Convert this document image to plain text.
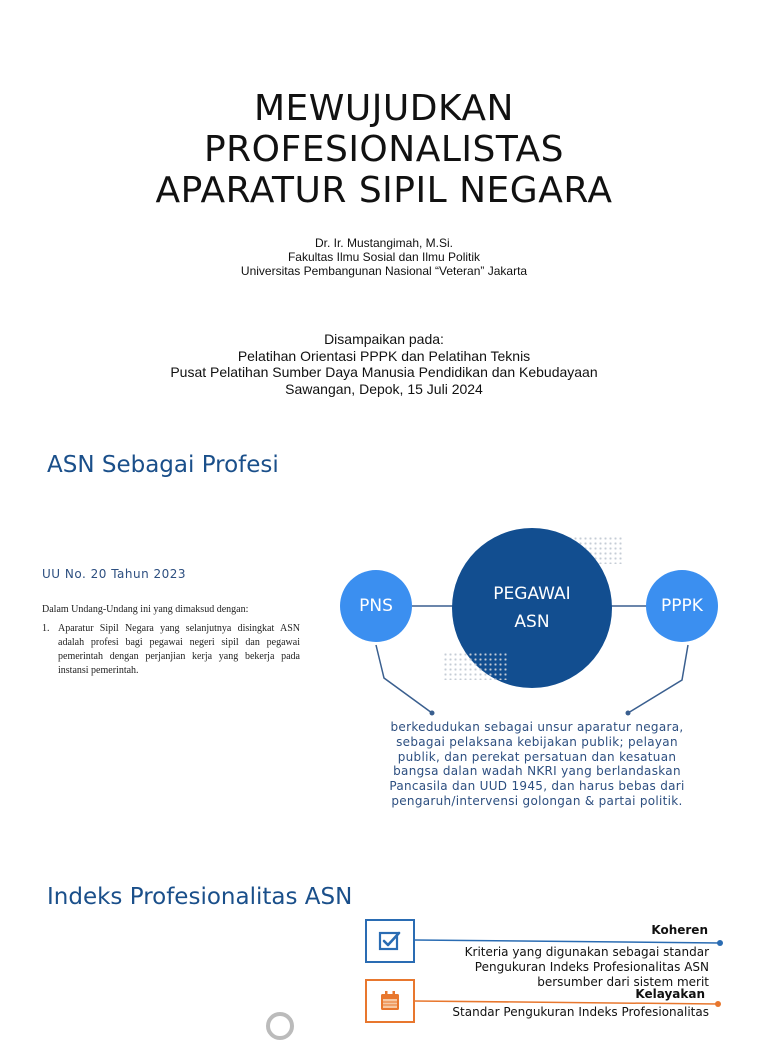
MEWUJUDKAN
PROFESIONALISTAS
APARATUR SIPIL NEGARA
Dr. Ir. Mustangimah, M.Si.
Fakultas Ilmu Sosial dan Ilmu Politik
Universitas Pembangunan Nasional “Veteran” Jakarta
Disampaikan pada:
Pelatihan Orientasi PPPK dan Pelatihan Teknis
Pusat Pelatihan Sumber Daya Manusia Pendidikan dan Kebudayaan
Sawangan, Depok, 15 Juli 2024
ASN Sebagai Profesi
UU No. 20 Tahun 2023
Dalam Undang-Undang ini yang dimaksud dengan:
1. Aparatur Sipil Negara yang selanjutnya disingkat ASN adalah profesi bagi pegawai negeri sipil dan pegawai pemerintah dengan perjanjian kerja yang bekerja pada instansi pemerintah.
PEGAWAI
ASN
PNS	PPPK
berkedudukan sebagai unsur aparatur negara,
sebagai pelaksana kebijakan publik; pelayan
publik, dan perekat persatuan dan kesatuan
bangsa dalan wadah NKRI yang berlandaskan
Pancasila dan UUD 1945, dan harus bebas dari
pengaruh/intervensi golongan & partai politik.
Indeks Profesionalitas ASN
Koheren
Kriteria yang digunakan sebagai standar
Pengukuran Indeks Profesionalitas ASN
bersumber dari sistem merit
Kelayakan
Standar Pengukuran Indeks Profesionalitas
